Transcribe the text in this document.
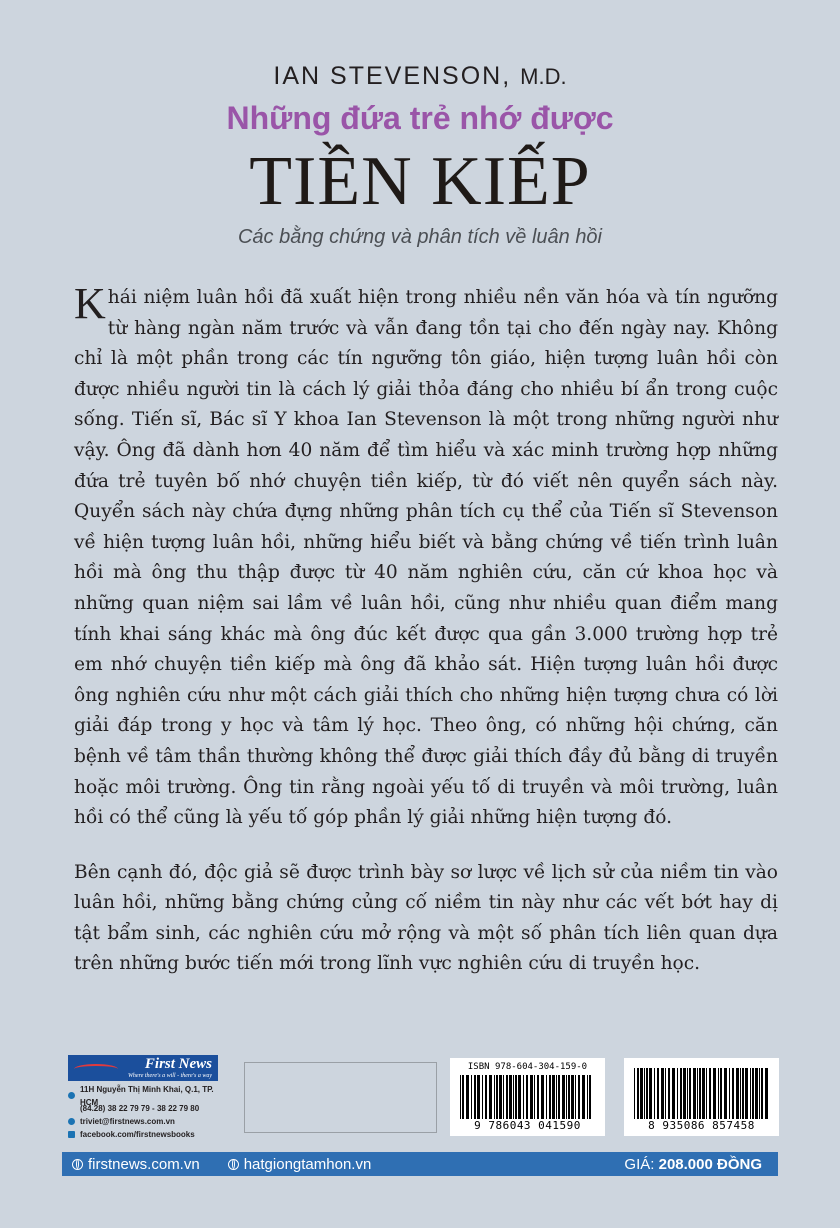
IAN STEVENSON, M.D.
Những đứa trẻ nhớ được
TIỀN KIẾP
Các bằng chứng và phân tích về luân hồi

Khái niệm luân hồi đã xuất hiện trong nhiều nền văn hóa và tín ngưỡng từ hàng ngàn năm trước và vẫn đang tồn tại cho đến ngày nay. Không chỉ là một phần trong các tín ngưỡng tôn giáo, hiện tượng luân hồi còn được nhiều người tin là cách lý giải thỏa đáng cho nhiều bí ẩn trong cuộc sống. Tiến sĩ, Bác sĩ Y khoa Ian Stevenson là một trong những người như vậy. Ông đã dành hơn 40 năm để tìm hiểu và xác minh trường hợp những đứa trẻ tuyên bố nhớ chuyện tiền kiếp, từ đó viết nên quyển sách này. Quyển sách này chứa đựng những phân tích cụ thể của Tiến sĩ Stevenson về hiện tượng luân hồi, những hiểu biết và bằng chứng về tiến trình luân hồi mà ông thu thập được từ 40 năm nghiên cứu, căn cứ khoa học và những quan niệm sai lầm về luân hồi, cũng như nhiều quan điểm mang tính khai sáng khác mà ông đúc kết được qua gần 3.000 trường hợp trẻ em nhớ chuyện tiền kiếp mà ông đã khảo sát. Hiện tượng luân hồi được ông nghiên cứu như một cách giải thích cho những hiện tượng chưa có lời giải đáp trong y học và tâm lý học. Theo ông, có những hội chứng, căn bệnh về tâm thần thường không thể được giải thích đầy đủ bằng di truyền hoặc môi trường. Ông tin rằng ngoài yếu tố di truyền và môi trường, luân hồi có thể cũng là yếu tố góp phần lý giải những hiện tượng đó.

Bên cạnh đó, độc giả sẽ được trình bày sơ lược về lịch sử của niềm tin vào luân hồi, những bằng chứng củng cố niềm tin này như các vết bớt hay dị tật bẩm sinh, các nghiên cứu mở rộng và một số phân tích liên quan dựa trên những bước tiến mới trong lĩnh vực nghiên cứu di truyền học.

First News
Where there's a will - there's a way
11H Nguyễn Thị Minh Khai, Q.1, TP. HCM
(84.28) 38 22 79 79 - 38 22 79 80
triviet@firstnews.com.vn
facebook.com/firstnewsbooks
ISBN 978-604-304-159-0
9 786043 041590	8 935086 857458
firstnews.com.vn	hatgiongtamhon.vn	GIÁ: 208.000 ĐỒNG
